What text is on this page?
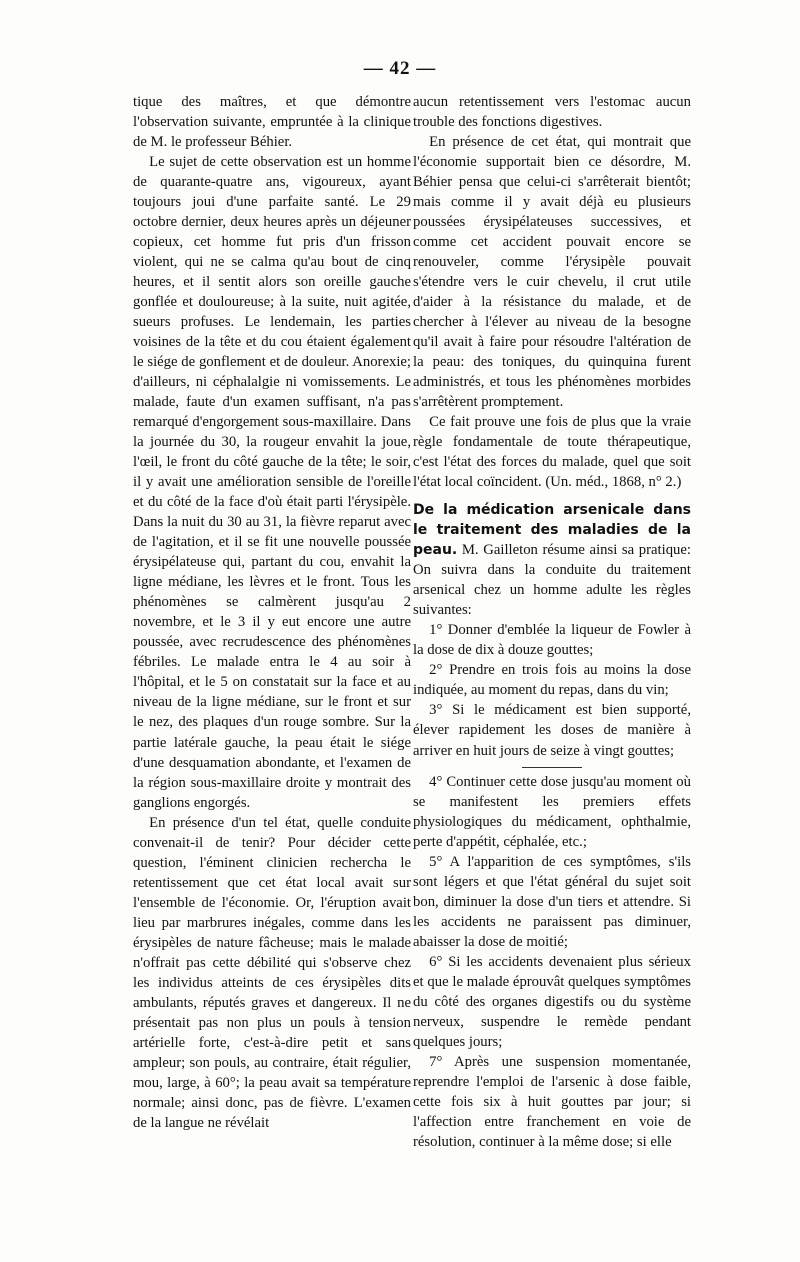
— 42 —

tique des maîtres, et que démontre l'observation suivante, empruntée à la clinique de M. le professeur Béhier.

Le sujet de cette observation est un homme de quarante-quatre ans, vigoureux, ayant toujours joui d'une parfaite santé. Le 29 octobre dernier, deux heures après un déjeuner copieux, cet homme fut pris d'un frisson violent, qui ne se calma qu'au bout de cinq heures, et il sentit alors son oreille gauche gonflée et douloureuse; à la suite, nuit agitée, sueurs profuses. Le lendemain, les parties voisines de la tête et du cou étaient également le siége de gonflement et de douleur. Anorexie; d'ailleurs, ni céphalalgie ni vomissements. Le malade, faute d'un examen suffisant, n'a pas remarqué d'engorgement sous-maxillaire. Dans la journée du 30, la rougeur envahit la joue, l'œil, le front du côté gauche de la tête; le soir, il y avait une amélioration sensible de l'oreille et du côté de la face d'où était parti l'érysipèle. Dans la nuit du 30 au 31, la fièvre reparut avec de l'agitation, et il se fit une nouvelle poussée érysipélateuse qui, partant du cou, envahit la ligne médiane, les lèvres et le front. Tous les phénomènes se calmèrent jusqu'au 2 novembre, et le 3 il y eut encore une autre poussée, avec recrudescence des phénomènes fébriles. Le malade entra le 4 au soir à l'hôpital, et le 5 on constatait sur la face et au niveau de la ligne médiane, sur le front et sur le nez, des plaques d'un rouge sombre. Sur la partie latérale gauche, la peau était le siége d'une desquamation abondante, et l'examen de la région sous-maxillaire droite y montrait des ganglions engorgés.

En présence d'un tel état, quelle conduite convenait-il de tenir? Pour décider cette question, l'éminent clinicien rechercha le retentissement que cet état local avait sur l'ensemble de l'économie. Or, l'éruption avait lieu par marbrures inégales, comme dans les érysipèles de nature fâcheuse; mais le malade n'offrait pas cette débilité qui s'observe chez les individus atteints de ces érysipèles dits ambulants, réputés graves et dangereux. Il ne présentait pas non plus un pouls à tension artérielle forte, c'est-à-dire petit et sans ampleur; son pouls, au contraire, était régulier, mou, large, à 60°; la peau avait sa température normale; ainsi donc, pas de fièvre. L'examen de la langue ne révélait

aucun retentissement vers l'estomac aucun trouble des fonctions digestives.

En présence de cet état, qui montrait que l'économie supportait bien ce désordre, M. Béhier pensa que celui-ci s'arrêterait bientôt; mais comme il y avait déjà eu plusieurs poussées érysipélateuses successives, et comme cet accident pouvait encore se renouveler, comme l'érysipèle pouvait s'étendre vers le cuir chevelu, il crut utile d'aider à la résistance du malade, et de chercher à l'élever au niveau de la besogne qu'il avait à faire pour résoudre l'altération de la peau: des toniques, du quinquina furent administrés, et tous les phénomènes morbides s'arrêtèrent promptement.

Ce fait prouve une fois de plus que la vraie règle fondamentale de toute thérapeutique, c'est l'état des forces du malade, quel que soit l'état local coïncident. (Un. méd., 1868, n° 2.)

De la médication arsenicale dans le traitement des maladies de la peau. M. Gailleton résume ainsi sa pratique: On suivra dans la conduite du traitement arsenical chez un homme adulte les règles suivantes:

1° Donner d'emblée la liqueur de Fowler à la dose de dix à douze gouttes;

2° Prendre en trois fois au moins la dose indiquée, au moment du repas, dans du vin;

3° Si le médicament est bien supporté, élever rapidement les doses de manière à arriver en huit jours de seize à vingt gouttes;

4° Continuer cette dose jusqu'au moment où se manifestent les premiers effets physiologiques du médicament, ophthalmie, perte d'appétit, céphalée, etc.;

5° A l'apparition de ces symptômes, s'ils sont légers et que l'état général du sujet soit bon, diminuer la dose d'un tiers et attendre. Si les accidents ne paraissent pas diminuer, abaisser la dose de moitié;

6° Si les accidents devenaient plus sérieux et que le malade éprouvât quelques symptômes du côté des organes digestifs ou du système nerveux, suspendre le remède pendant quelques jours;

7° Après une suspension momentanée, reprendre l'emploi de l'arsenic à dose faible, cette fois six à huit gouttes par jour; si l'affection entre franchement en voie de résolution, continuer à la même dose; si elle
